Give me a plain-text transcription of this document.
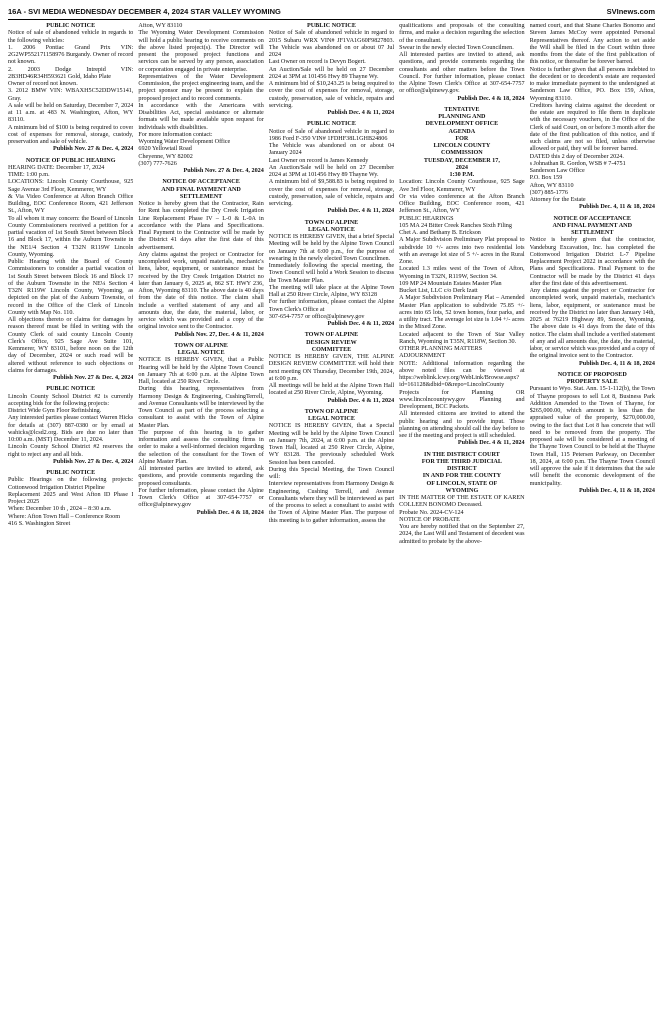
16A - SVI MEDIA WEDNESDAY DECEMBER 4, 2024 STAR VALLEY WYOMING	SVInews.com
PUBLIC NOTICE
Notice of sale of abandoned vehicle in regards to the following vehicles:
1. 2006 Pontiac Grand Prix VIN: 2G2WP552171158976 Burgandy. Owner of record not known.
2. 2003 Dodge Intrepid VIN: 2B3HD46R34H593621 Gold, Idaho Plate
Owner of record not known.
3. 2012 BMW VIN: WBAXH5C52DDW15141, Gray.
A sale will be held on Saturday, December 7, 2024 at 11 a.m. at 483 N. Washington, Afton, WY 83110.
A minimum bid of $100 is being required to cover cost of expenses for removal, storage, custody, preservation and sale of vehicle.
Publish Nov. 27 & Dec. 4, 2024
NOTICE OF PUBLIC HEARING
HEARING DATE: December 17, 2024
TIME: 1:00 p.m.
LOCATIONS: Lincoln County Courthouse, 925 Sage Avenue 3rd Floor, Kemmerer, WY
& Via Video Conference at Afton Branch Office Building, EOC Conference Room, 421 Jefferson St., Afton, WY
To all whom it may concern: the Board of Lincoln County Commissioners received a petition for a partial vacation of 1st South Street between Block 16 and Block 17, within the Auburn Townsite in the NE1/4 Section 4 T32N R119W Lincoln County, Wyoming.
Public Hearing with the Board of County Commissioners to consider a partial vacation of 1st South Street between Block 16 and Block 17 of the Auburn Townsite in the NE¼ Section 4 T32N R119W Lincoln County, Wyoming, as depicted on the plat of the Auburn Townsite, of record in the Office of the Clerk of Lincoln County with Map No. 110.
All objections thereto or claims for damages by reason thereof must be filed in writing with the County Clerk of said county Lincoln County Clerk's Office, 925 Sage Ave Suite 101, Kemmerer, WY 83101, before noon on the 12th day of December, 2024 or such road will be altered without reference to such objections or claims for damages.
Publish Nov. 27 & Dec. 4, 2024
PUBLIC NOTICE
Lincoln County School District #2 is currently accepting bids for the following projects:
District Wide Gym Floor Refinishing.
Any interested parties please contact Warren Hicks for details at (307) 887-0380 or by email at wahicks@lcsd2.org. Bids are due no later than 10:00 a.m. (MST) December 11, 2024.
Lincoln County School District #2 reserves the right to reject any and all bids.
Publish Nov. 27 & Dec. 4, 2024
PUBLIC NOTICE
Public Hearings on the following projects: Cottonwood Irrigation District Pipeline
Replacement 2025 and West Afton ID Phase I Project 2025
When: December 10 th , 2024 – 8:30 a.m.
Where: Afton Town Hall – Conference Room
416 S. Washington Street
Afton, WY 83110
The Wyoming Water Development Commission will hold a public hearing to receive comments on the above listed project(s). The Director will present the proposed project functions and services can be served by any person, association or corporation engaged in private enterprise.
Representatives of the Water Development Commission, the project engineering team, and the project sponsor may be present to explain the proposed project and to record comments.
In accordance with the Americans with Disabilities Act, special assistance or alternate formats will be made available upon request for individuals with disabilities.
For more information contact:
Wyoming Water Development Office
6920 Yellowtail Road
Cheyenne, WY 82002
(307) 777-7626
Publish Nov. 27 & Dec. 4, 2024
NOTICE OF ACCEPTANCE
AND FINAL PAYMENT AND
SETTLEMENT
Notice is hereby given that the Contractor, Rain for Rent has completed the Dry Creek Irrigation Line Replacement Phase IV – L-0 & L-0A in accordance with the Plans and Specifications. Final Payment to the Contractor will be made by the District 41 days after the first date of this advertisement.
Any claims against the project or Contractor for uncompleted work, unpaid materials, mechanic's liens, labor, equipment, or sustenance must be received by the Dry Creek Irrigation District no later than January 6, 2025 at, 862 ST. HWY 236, Afton, Wyoming 83110. The above date is 40 days from the date of this notice. The claim shall include a verified statement of any and all amounts due, the date, the material, labor, or service which was provided and a copy of the original invoice sent to the Contractor.
Publish Nov. 27, Dec. 4 & 11, 2024
TOWN OF ALPINE
LEGAL NOTICE
NOTICE IS HEREBY GIVEN, that a Public Hearing will be held by the Alpine Town Council on January 7th at 6:00 p.m. at the Alpine Town Hall, located at 250 River Circle.
During this hearing, representatives from Harmony Design & Engineering, CushingTerrell, and Avenue Consultants will be interviewed by the Town Council as part of the process selecting a consultant to assist with the Town of Alpine Master Plan.
The purpose of this hearing is to gather information and assess the consulting firms in order to make a well-informed decision regarding the selection of the consultant for the Town of Alpine Master Plan.
All interested parties are invited to attend, ask questions, and provide comments regarding the proposed consultants.
For further information, please contact the Alpine Town Clerk's Office at 307-654-7757 or office@alpinewy.gov
Publish Dec. 4 & 18, 2024
PUBLIC NOTICE
Notice of Sale of abandoned vehicle in regard to 2015 Subaru WRX VIN# JF1VA1G60F9827803. The Vehicle was abandoned on or about 07 Jul 2024
Last Owner on record is Devyn Bogert.
An Auction/Sale will be held on 27 December 2024 at 3PM at 101456 Hwy 89 Thayne Wy.
A minimum bid of $10,243.25 is being required to cover the cost of expenses for removal, storage, custody, preservation, sale of vehicle, repairs and servicing.
Publish Dec. 4 & 11, 2024
PUBLIC NOTICE
Notice of Sale of abandoned vehicle in regard to 1986 Ford F-350 VIN# 1FDHF38L1GHB24806
The Vehicle was abandoned on or about 04 January 2024
Last Owner on record is James Kennedy
An Auction/Sale will be held on 27 December 2024 at 3PM at 101456 Hwy 89 Thayne Wy.
A minimum bid of $9,588.83 is being required to cover the cost of expenses for removal, storage, custody, preservation, sale of vehicle, repairs and servicing.
Publish Dec. 4 & 11, 2024
TOWN OF ALPINE
LEGAL NOTICE
NOTICE IS HEREBY GIVEN, that a brief Special Meeting will be held by the Alpine Town Council on January 7th at 6:00 p.m., for the purpose of swearing in the newly elected Town Councilmen.
Immediately following the special meeting, the Town Council will hold a Work Session to discuss the Town Master Plan.
The meeting will take place at the Alpine Town Hall at 250 River Circle, Alpine, WY 83128
For further information, please contact the Alpine Town Clerk's Office at
307-654-7757 or office@alpinewy.gov
Publish Dec. 4 & 11, 2024
TOWN OF ALPINE
DESIGN REVIEW
COMMITTEE
NOTICE IS HEREBY GIVEN, THE ALPINE DESIGN REVIEW COMMITTEE will hold their next meeting ON Thursday, December 19th, 2024, at 6:00 p.m.
All meetings will be held at the Alpine Town Hall located at 250 River Circle, Alpine, Wyoming.
Publish Dec. 4 & 11, 2024
TOWN OF ALPINE
LEGAL NOTICE
NOTICE IS HEREBY GIVEN, that a Special Meeting will be held by the Alpine Town Council on January 7th, 2024, at 6:00 p.m. at the Alpine Town Hall, located at 250 River Circle, Alpine, WY 83128. The previously scheduled Work Session has been canceled.
During this Special Meeting, the Town Council will:
Interview representatives from Harmony Design & Engineering, Cushing Terrell, and Avenue Consultants where they will be interviewed as part of the process to select a consultant to assist with the Town of Alpine Master Plan. The purpose of this meeting is to gather information, assess the
qualifications and proposals of the consulting firms, and make a decision regarding the selection of the consultant.
Swear in the newly elected Town Councilmen.
All interested parties are invited to attend, ask questions, and provide comments regarding the consultants and other matters before the Town Council. For further information, please contact the Alpine Town Clerk's Office at 307-654-7757 or office@alpinewy.gov.
Publish Dec. 4 & 18, 2024
TENTATIVE
PLANNING AND
DEVELOPMENT OFFICE
AGENDA
FOR
LINCOLN COUNTY
COMMISSION
TUESDAY, DECEMBER 17,
2024
1:30 P.M.
Location: Lincoln County Courthouse, 925 Sage Ave 3rd Floor, Kemmerer, WY
Or via video conference at the Afton Branch Office Building, EOC Conference room, 421 Jefferson St., Afton, WY
PUBLIC HEARINGS
105 MA 24 Bitter Creek Ranches Sixth Filing
Chet A. and Bethany B. Erickson
A Major Subdivision Preliminary Plat proposal to subdivide 10 +/- acres into two residential lots with an average lot size of 5 +/- acres in the Rural Zone.
Located 1.3 miles west of the Town of Afton, Wyoming in T32N, R119W, Section 34.
109 MP 24 Mountain Estates Master Plan
Bucket List, LLC c/o Derk Izatt
A Major Subdivision Preliminary Plat – Amended Master Plan application to subdivide 75.85 +/- acres into 65 lots, 52 town homes, four parks, and a utility tract. The average lot size is 1.04 +/- acres in the Mixed Zone.
Located adjacent to the Town of Star Valley Ranch, Wyoming in T35N, R118W, Section 30.
OTHER PLANNING MATTERS
ADJOURNMENT
NOTE: Additional information regarding the above noted files can be viewed at https://weblink.lcwy.org/WebLink/Browse.aspx?id=161128&dbid=0&repo=LincolnCounty
Projects for Planning OR www.lincolncountywy.gov Planning and Development, BCC Packets.
All interested citizens are invited to attend the public hearing and to provide input. Those planning on attending should call the day before to see if the meeting and project is still scheduled.
Publish Dec. 4 & 11, 2024
IN THE DISTRICT COURT
FOR THE THIRD JUDICIAL
DISTRICT
IN AND FOR THE COUNTY
OF LINCOLN, STATE OF
WYOMING
IN THE MATTER OF THE ESTATE OF KAREN COLLEEN BONOMO Deceased.
Probate No. 2024-CV-124
NOTICE OF PROBATE
You are hereby notified that on the September 27, 2024, the Last Will and Testament of decedent was admitted to probate by the above-
named court, and that Shane Charles Bonomo and Steven James McCoy were appointed Personal Representatives thereof. Any action to set aside the Will shall be filed in the Court within three months from the date of the first publication of this notice, or thereafter be forever barred.
Notice is further given that all persons indebted to the decedent or to decedent's estate are requested to make immediate payment to the undersigned at Sanderson Law Office, PO. Box 159, Afton, Wyoming 83110.
Creditors having claims against the decedent or the estate are required to file them in duplicate with the necessary vouchers, in the Office of the Clerk of said Court, on or before 3 month after the date of the first publication of this notice, and if such claims are not so filed, unless otherwise allowed or paid, they will be forever barred.
DATED this 2 day of December 2024.
s Johnathan R. Gordon, WSB # 7-4751
Sanderson Law Office
P.O. Box 159
Afton, WY 83110
(307) 885-1776
Attorney for the Estate
Publish Dec. 4, 11 & 18, 2024
NOTICE OF ACCEPTANCE
AND FINAL PAYMENT AND
SETTLEMENT
Notice is hereby given that the contractor, Vandeburg Excavation, Inc. has completed the Cottonwood Irrigation District L-7 Pipeline Replacement Project 2022 in accordance with the Plans and Specifications. Final Payment to the Contractor will be made by the District 41 days after the first date of this advertisement.
Any claims against the project or Contractor for uncompleted work, unpaid materials, mechanic's liens, labor, equipment, or sustenance must be received by the District no later than January 14th, 2025 at 76219 Highway 89, Smoot, Wyoming. The above date is 41 days from the date of this notice. The claim shall include a verified statement of any and all amounts due, the date, the material, labor, or service which was provided and a copy of the original invoice sent to the Contractor.
Publish Dec. 4, 11 & 18, 2024
NOTICE OF PROPOSED
PROPERTY SALE
Pursuant to Wyo. Stat. Ann. 15-1-112(b), the Town of Thayne proposes to sell Lot 8, Business Park Addition Amended to the Town of Thayne, for $265,000.00, which amount is less than the appraised value of the property, $270,000.00, owing to the fact that Lot 8 has concrete that will need to be removed from the property. The proposed sale will be considered at a meeting of the Thayne Town Council to be held at the Thayne Town Hall, 115 Petersen Parkway, on December 18, 2024, at 6:00 p.m. The Thayne Town Council will approve the sale if it determines that the sale will benefit the economic development of the municipality.
Publish Dec. 4, 11 & 18, 2024
